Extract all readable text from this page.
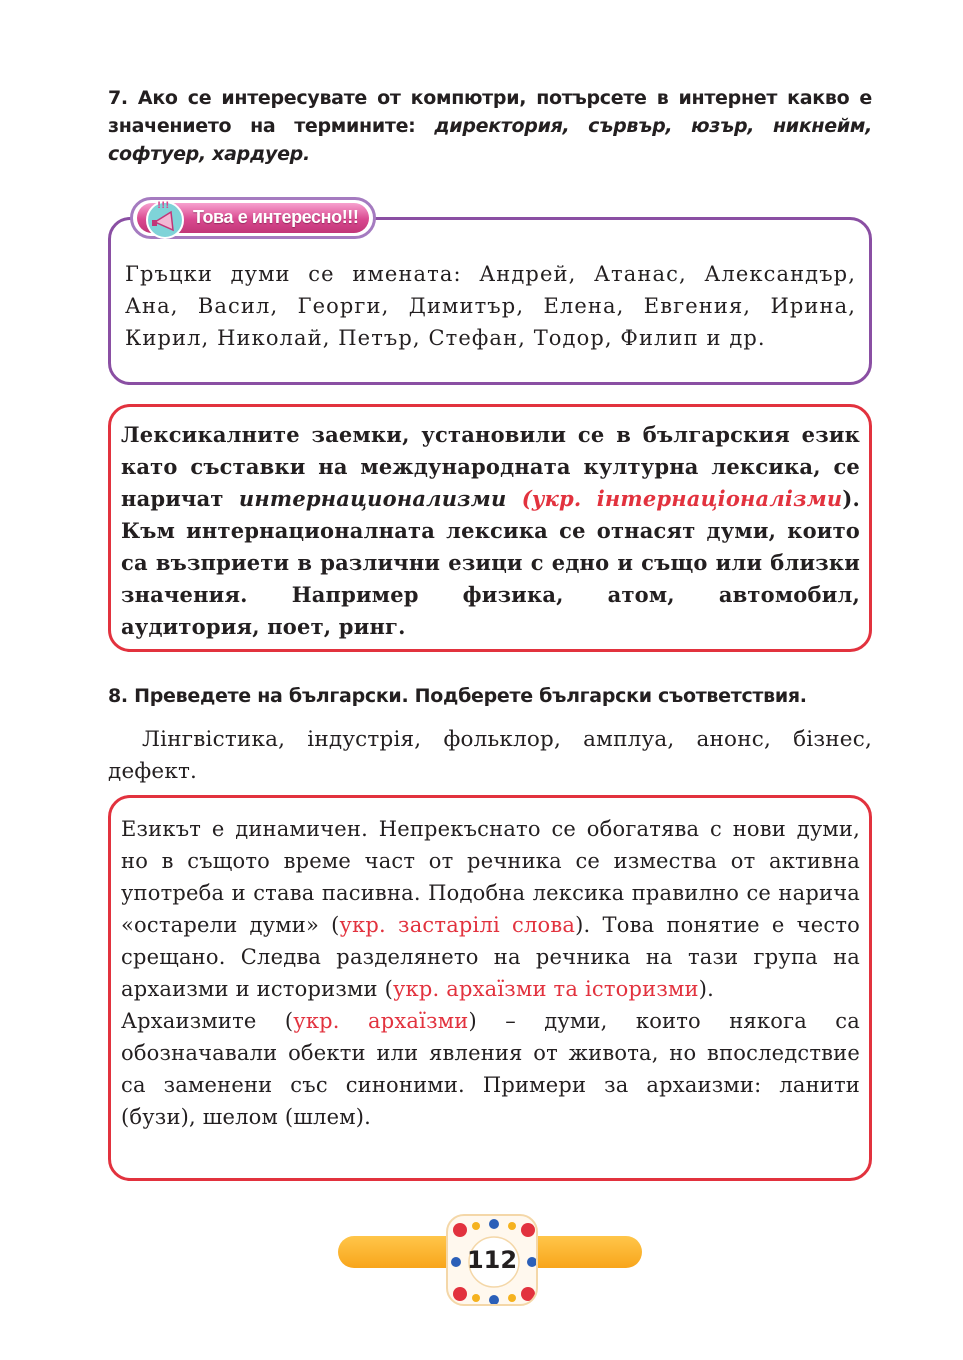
7. Ако се интересувате от компютри, потърсете в интернет какво е значението на термините: директория, сървър, юзър, никнейм, софтуер, хардуер.
!!!
Това е интересно!!!
Гръцки думи се имената: Андрей, Атанас, Александър, Ана, Васил, Георги, Димитър, Елена, Евгения, Ирина, Кирил, Николай, Петър, Стефан, Тодор, Филип и др.
Лексикалните заемки, установили се в българския език като съставки на международната културна лексика, се наричат интернационализми (укр. інтернаціоналізми). Към интернационалната лексика се отнасят думи, които са възприети в различни езици с едно и също или близки значения. Например физика, атом, автомобил, аудитория, поет, ринг.
8. Преведете на български. Подберете български съответствия.
Лінгвістика, індустрія, фольклор, амплуа, анонс, бізнес, дефект.
Езикът е динамичен. Непрекъснато се обогатява с нови думи, но в същото време част от речника се измества от активна употреба и става пасивна. Подобна лексика правилно се нарича «остарели думи» (укр. застарілі слова). Това понятие е често срещано. Следва разделянето на речника на тази група на архаизми и историзми (укр. архаїзми та історизми).
Архаизмите (укр. архаїзми) – думи, които някога са обозначавали обекти или явления от живота, но впоследствие са заменени със синоними. Примери за архаизми: ланити (бузи), шелом (шлем).
112
